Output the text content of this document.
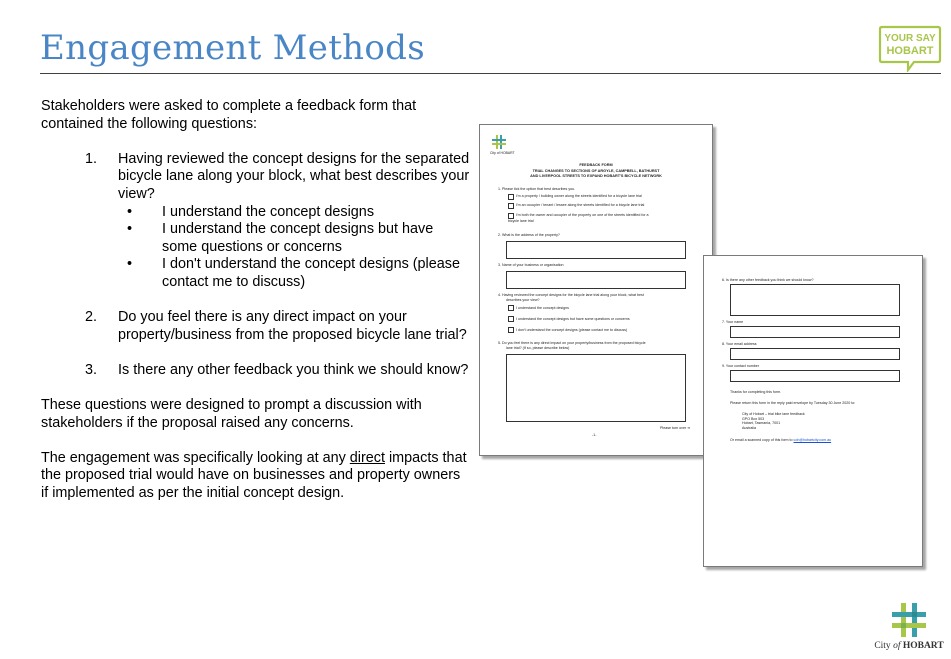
Engagement Methods	YOUR SAY
HOBART

Stakeholders were asked to complete a feedback form that contained the following questions:

1. Having reviewed the concept designs for the separated bicycle lane along your block, what best describes your view?
• I understand the concept designs
• I understand the concept designs but have some questions or concerns
• I don't understand the concept designs (please contact me to discuss)
2. Do you feel there is any direct impact on your property/business from the proposed bicycle lane trial?
3. Is there any other feedback you think we should know?

These questions were designed to prompt a discussion with stakeholders if the proposal raised any concerns.

The engagement was specifically looking at any direct impacts that the proposed trial would have on businesses and property owners if implemented as per the initial concept design.

City of HOBART
FEEDBACK FORM
TRIAL CHANGES TO SECTIONS OF ARGYLE, CAMPBELL, BATHURST
AND LIVERPOOL STREETS TO EXPAND HOBART'S BICYCLE NETWORK
1. Please tick the option that best describes you.
I'm a property / building owner along the streets identified for a bicycle lane trial
I'm an occupier / tenant / lessee along the streets identified for a bicycle lane trial
I'm both the owner and occupier of the property on one of the streets identified for a
bicycle lane trial
2. What is the address of the property?
3. Name of your business or organisation
4. Having reviewed the concept designs for the bicycle lane trial along your block, what best
describes your view?
I understand the concept designs
I understand the concept designs but have some questions or concerns
I don't understand the concept designs (please contact me to discuss)
5. Do you feel there is any direct impact on your property/business from the proposed bicycle
lane trial? (If so, please describe below)
Please turn over ➔
-1-
6. Is there any other feedback you think we should know?
7. Your name
8. Your email address
9. Your contact number
Thanks for completing this form.
Please return this form in the reply paid envelope by Tuesday 30 June 2020 to:
City of Hobart – trial bike lane feedback
GPO Box 503
Hobart, Tasmania, 7001
Australia
Or email a scanned copy of this form to coh@hobartcity.com.au
City of HOBART
